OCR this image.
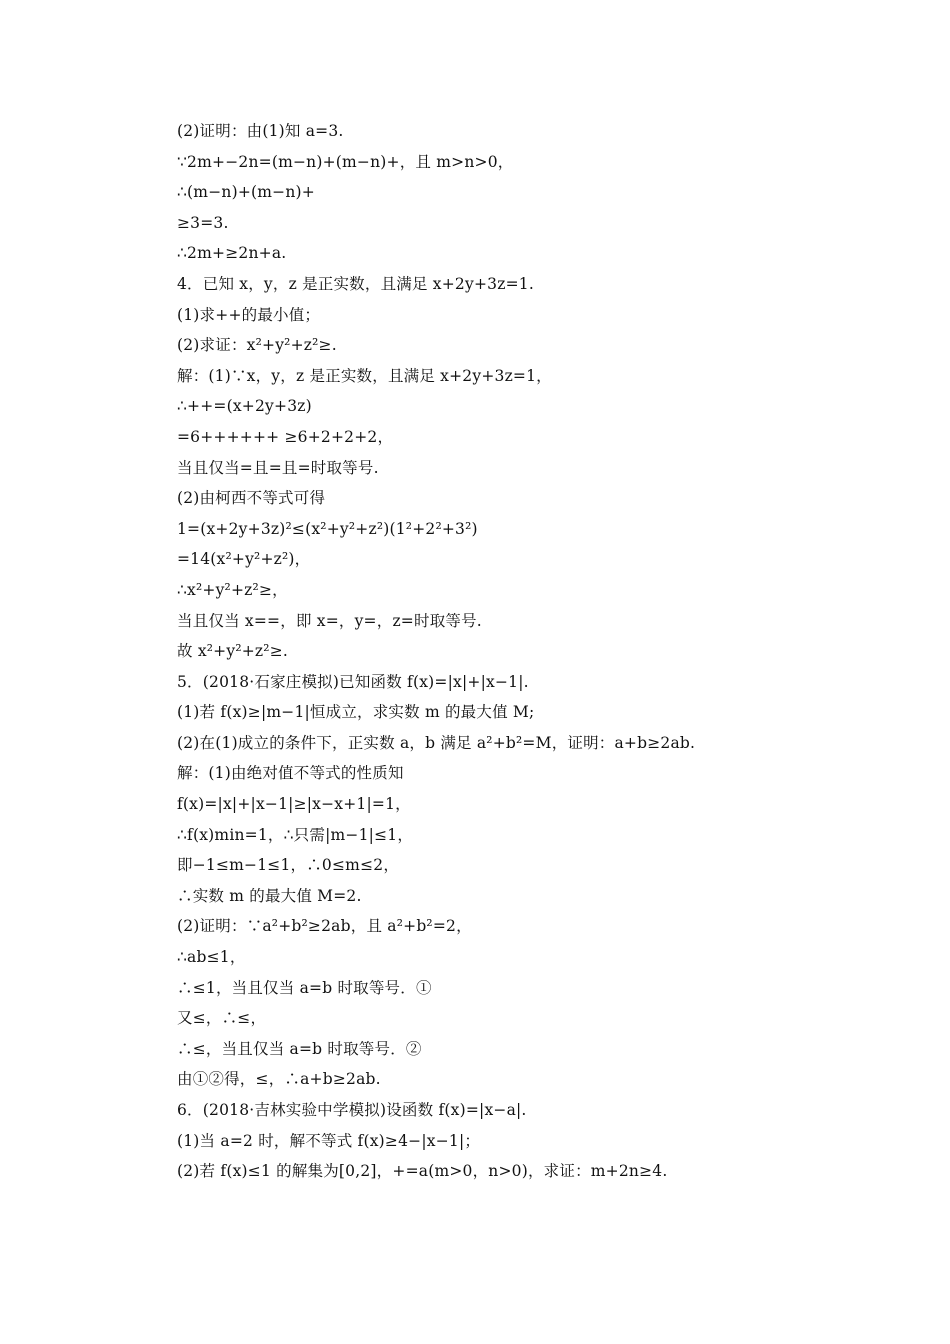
(2)证明：由(1)知 a=3.
∵2m+−2n=(m−n)+(m−n)+，且 m>n>0，
∴(m−n)+(m−n)+
≥3=3.
∴2m+≥2n+a.
4．已知 x，y，z 是正实数，且满足 x+2y+3z=1.
(1)求++的最小值；
(2)求证：x²+y²+z²≥.
解：(1)∵x，y，z 是正实数，且满足 x+2y+3z=1，
∴++=(x+2y+3z)
=6++++++ ≥6+2+2+2，
当且仅当=且=且=时取等号.
(2)由柯西不等式可得
1=(x+2y+3z)²≤(x²+y²+z²)(1²+2²+3²)
=14(x²+y²+z²)，
∴x²+y²+z²≥，
当且仅当 x==，即 x=，y=，z=时取等号.
故 x²+y²+z²≥.
5．(2018·石家庄模拟)已知函数 f(x)=|x|+|x−1|.
(1)若 f(x)≥|m−1|恒成立，求实数 m 的最大值 M;
(2)在(1)成立的条件下，正实数 a，b 满足 a²+b²=M，证明：a+b≥2ab.
解：(1)由绝对值不等式的性质知
f(x)=|x|+|x−1|≥|x−x+1|=1，
∴f(x)min=1，∴只需|m−1|≤1，
即−1≤m−1≤1，∴0≤m≤2，
∴实数 m 的最大值 M=2.
(2)证明：∵a²+b²≥2ab，且 a²+b²=2，
∴ab≤1，
∴≤1，当且仅当 a=b 时取等号．①
又≤，∴≤，
∴≤，当且仅当 a=b 时取等号．②
由①②得，≤，∴a+b≥2ab.
6．(2018·吉林实验中学模拟)设函数 f(x)=|x−a|.
(1)当 a=2 时，解不等式 f(x)≥4−|x−1|；
(2)若 f(x)≤1 的解集为[0,2]，+=a(m>0，n>0)，求证：m+2n≥4.
